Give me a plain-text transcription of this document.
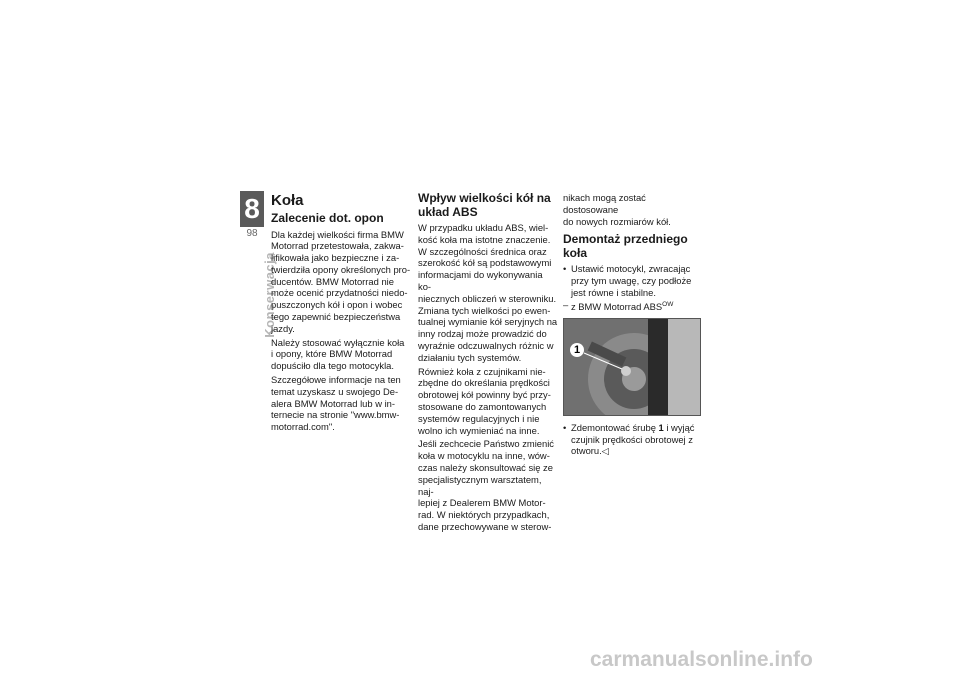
8
98
Konserwacja
Koła
Zalecenie dot. opon

Dla każdej wielkości firma BMW
Motorrad przetestowała, zakwa-
lifikowała jako bezpieczne i za-
twierdziła opony określonych pro-
ducentów. BMW Motorrad nie
może ocenić przydatności niedo-
puszczonych kół i opon i wobec
tego zapewnić bezpieczeństwa
jazdy.

Należy stosować wyłącznie koła
i opony, które BMW Motorrad
dopuściło dla tego motocykla.

Szczegółowe informacje na ten
temat uzyskasz u swojego De-
alera BMW Motorrad lub w in-
ternecie na stronie "www.bmw-
motorrad.com".

Wpływ wielkości kół na
układ ABS

W przypadku układu ABS, wiel-
kość koła ma istotne znaczenie.
W szczególności średnica oraz
szerokość kół są podstawowymi
informacjami do wykonywania ko-
niecznych obliczeń w sterowniku.
Zmiana tych wielkości po ewen-
tualnej wymianie kół seryjnych na
inny rodzaj może prowadzić do
wyraźnie odczuwalnych różnic w
działaniu tych systemów.

Również koła z czujnikami nie-
zbędne do określania prędkości
obrotowej kół powinny być przy-
stosowane do zamontowanych
systemów regulacyjnych i nie
wolno ich wymieniać na inne.

Jeśli zechcecie Państwo zmienić
koła w motocyklu na inne, wów-
czas należy skonsultować się ze
specjalistycznym warsztatem, naj-
lepiej z Dealerem BMW Motor-
rad. W niektórych przypadkach,
dane przechowywane w sterow-

nikach mogą zostać dostosowane
do nowych rozmiarów kół.

Demontaż przedniego
koła
• Ustawić motocykl, zwracając
przy tym uwagę, czy podłoże
jest równe i stabilne.
– z BMW Motorrad $ABS^{OW}$
1
• Zdemontować śrubę 1 i wyjąć
czujnik prędkości obrotowej z
otworu.◁
carmanualsonline.info
